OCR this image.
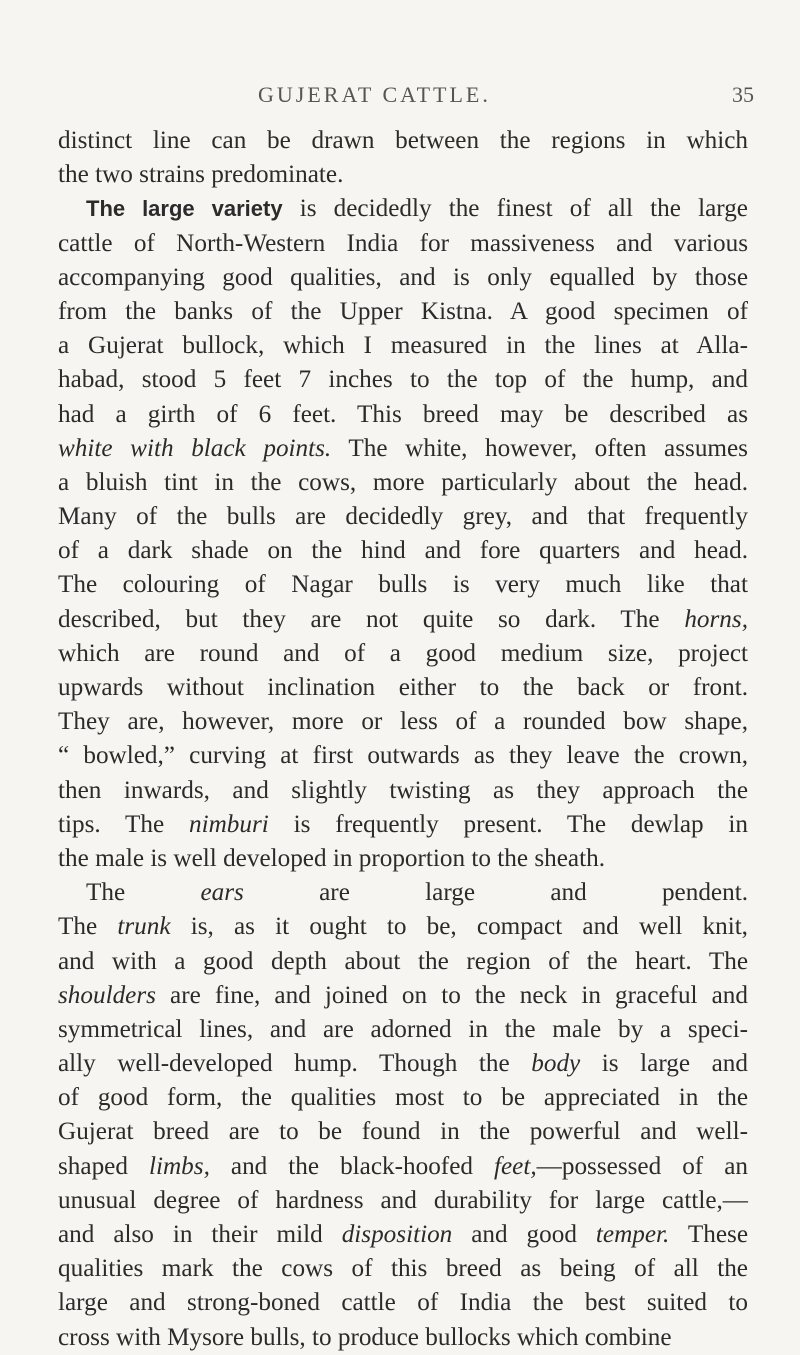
GUJERAT CATTLE.	35
distinct line can be drawn between the regions in which
the two strains predominate.
The large variety is decidedly the finest of all the large
cattle of North-Western India for massiveness and various
accompanying good qualities, and is only equalled by those
from the banks of the Upper Kistna. A good specimen of
a Gujerat bullock, which I measured in the lines at Alla-
habad, stood 5 feet 7 inches to the top of the hump, and
had a girth of 6 feet. This breed may be described as
white with black points. The white, however, often assumes
a bluish tint in the cows, more particularly about the head.
Many of the bulls are decidedly grey, and that frequently
of a dark shade on the hind and fore quarters and head.
The colouring of Nagar bulls is very much like that
described, but they are not quite so dark. The horns,
which are round and of a good medium size, project
upwards without inclination either to the back or front.
They are, however, more or less of a rounded bow shape,
“ bowled,” curving at first outwards as they leave the crown,
then inwards, and slightly twisting as they approach the
tips. The nimburi is frequently present. The dewlap in
the male is well developed in proportion to the sheath.
The ears are large and pendent.
The trunk is, as it ought to be, compact and well knit,
and with a good depth about the region of the heart. The
shoulders are fine, and joined on to the neck in graceful and
symmetrical lines, and are adorned in the male by a speci-
ally well-developed hump. Though the body is large and
of good form, the qualities most to be appreciated in the
Gujerat breed are to be found in the powerful and well-
shaped limbs, and the black-hoofed feet,—possessed of an
unusual degree of hardness and durability for large cattle,—
and also in their mild disposition and good temper. These
qualities mark the cows of this breed as being of all the
large and strong-boned cattle of India the best suited to
cross with Mysore bulls, to produce bullocks which combine
